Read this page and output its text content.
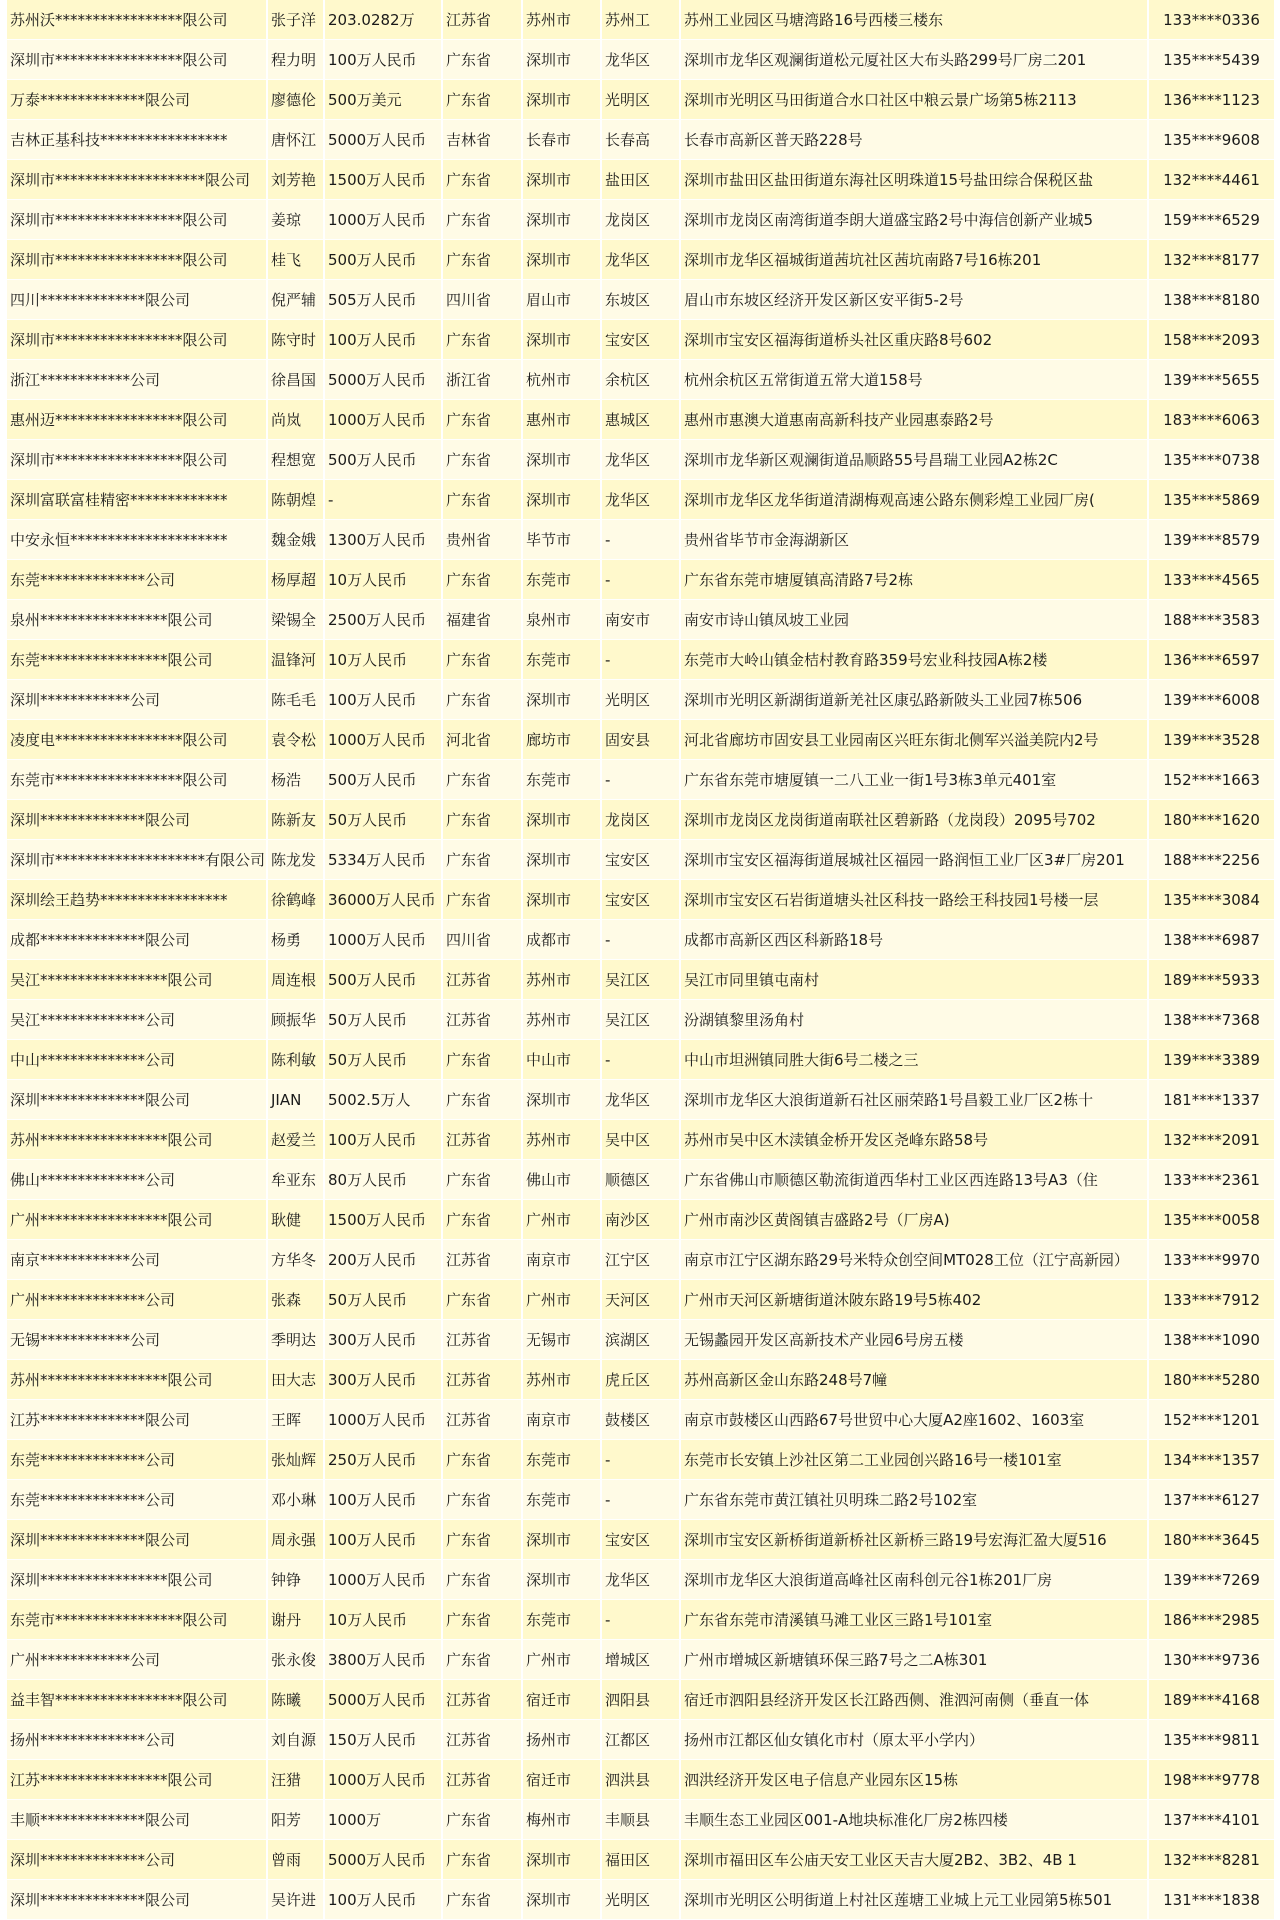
苏州沃*****************限公司	张子洋	203.0282万	江苏省	苏州市	苏州工	苏州工业园区马塘湾路16号西楼三楼东	133****0336
深圳市*****************限公司	程力明	100万人民币	广东省	深圳市	龙华区	深圳市龙华区观澜街道松元厦社区大布头路299号厂房二201	135****5439
万泰**************限公司	廖德伦	500万美元	广东省	深圳市	光明区	深圳市光明区马田街道合水口社区中粮云景广场第5栋2113	136****1123
吉林正基科技*****************	唐怀江	5000万人民币	吉林省	长春市	长春高	长春市高新区普天路228号	135****9608
深圳市********************限公司	刘芳艳	1500万人民币	广东省	深圳市	盐田区	深圳市盐田区盐田街道东海社区明珠道15号盐田综合保税区盐	132****4461
深圳市*****************限公司	姜琼	1000万人民币	广东省	深圳市	龙岗区	深圳市龙岗区南湾街道李朗大道盛宝路2号中海信创新产业城5	159****6529
深圳市*****************限公司	桂飞	500万人民币	广东省	深圳市	龙华区	深圳市龙华区福城街道茜坑社区茜坑南路7号16栋201	132****8177
四川**************限公司	倪严辅	505万人民币	四川省	眉山市	东坡区	眉山市东坡区经济开发区新区安平街5-2号	138****8180
深圳市*****************限公司	陈守时	100万人民币	广东省	深圳市	宝安区	深圳市宝安区福海街道桥头社区重庆路8号602	158****2093
浙江************公司	徐昌国	5000万人民币	浙江省	杭州市	余杭区	杭州余杭区五常街道五常大道158号	139****5655
惠州迈*****************限公司	尚岚	1000万人民币	广东省	惠州市	惠城区	惠州市惠澳大道惠南高新科技产业园惠泰路2号	183****6063
深圳市*****************限公司	程想宽	500万人民币	广东省	深圳市	龙华区	深圳市龙华新区观澜街道品顺路55号昌瑞工业园A2栋2C	135****0738
深圳富联富桂精密*************	陈朝煌	-	广东省	深圳市	龙华区	深圳市龙华区龙华街道清湖梅观高速公路东侧彩煌工业园厂房(	135****5869
中安永恒*********************	魏金娥	1300万人民币	贵州省	毕节市	-	贵州省毕节市金海湖新区	139****8579
东莞**************公司	杨厚超	10万人民币	广东省	东莞市	-	广东省东莞市塘厦镇高清路7号2栋	133****4565
泉州*****************限公司	梁锡全	2500万人民币	福建省	泉州市	南安市	南安市诗山镇凤坡工业园	188****3583
东莞*****************限公司	温锋河	10万人民币	广东省	东莞市	-	东莞市大岭山镇金桔村教育路359号宏业科技园A栋2楼	136****6597
深圳************公司	陈毛毛	100万人民币	广东省	深圳市	光明区	深圳市光明区新湖街道新羌社区康弘路新陂头工业园7栋506	139****6008
凌度电*****************限公司	袁令松	1000万人民币	河北省	廊坊市	固安县	河北省廊坊市固安县工业园南区兴旺东街北侧军兴溢美院内2号	139****3528
东莞市*****************限公司	杨浩	500万人民币	广东省	东莞市	-	广东省东莞市塘厦镇一二八工业一街1号3栋3单元401室	152****1663
深圳**************限公司	陈新友	50万人民币	广东省	深圳市	龙岗区	深圳市龙岗区龙岗街道南联社区碧新路（龙岗段）2095号702	180****1620
深圳市********************有限公司	陈龙发	5334万人民币	广东省	深圳市	宝安区	深圳市宝安区福海街道展城社区福园一路润恒工业厂区3#厂房201	188****2256
深圳绘王趋势*****************	徐鹤峰	36000万人民币	广东省	深圳市	宝安区	深圳市宝安区石岩街道塘头社区科技一路绘王科技园1号楼一层	135****3084
成都**************限公司	杨勇	1000万人民币	四川省	成都市	-	成都市高新区西区科新路18号	138****6987
吴江*****************限公司	周连根	500万人民币	江苏省	苏州市	吴江区	吴江市同里镇屯南村	189****5933
吴江**************公司	顾振华	50万人民币	江苏省	苏州市	吴江区	汾湖镇黎里汤角村	138****7368
中山**************公司	陈利敏	50万人民币	广东省	中山市	-	中山市坦洲镇同胜大街6号二楼之三	139****3389
深圳**************限公司	JIAN	5002.5万人	广东省	深圳市	龙华区	深圳市龙华区大浪街道新石社区丽荣路1号昌毅工业厂区2栋十	181****1337
苏州*****************限公司	赵爱兰	100万人民币	江苏省	苏州市	吴中区	苏州市吴中区木渎镇金桥开发区尧峰东路58号	132****2091
佛山**************公司	牟亚东	80万人民币	广东省	佛山市	顺德区	广东省佛山市顺德区勒流街道西华村工业区西连路13号A3（住	133****2361
广州*****************限公司	耿健	1500万人民币	广东省	广州市	南沙区	广州市南沙区黄阁镇吉盛路2号（厂房A)	135****0058
南京************公司	方华冬	200万人民币	江苏省	南京市	江宁区	南京市江宁区湖东路29号米特众创空间MT028工位（江宁高新园）	133****9970
广州**************公司	张森	50万人民币	广东省	广州市	天河区	广州市天河区新塘街道沐陂东路19号5栋402	133****7912
无锡************公司	季明达	300万人民币	江苏省	无锡市	滨湖区	无锡蠡园开发区高新技术产业园6号房五楼	138****1090
苏州*****************限公司	田大志	300万人民币	江苏省	苏州市	虎丘区	苏州高新区金山东路248号7幢	180****5280
江苏**************限公司	王晖	1000万人民币	江苏省	南京市	鼓楼区	南京市鼓楼区山西路67号世贸中心大厦A2座1602、1603室	152****1201
东莞**************公司	张灿辉	250万人民币	广东省	东莞市	-	东莞市长安镇上沙社区第二工业园创兴路16号一楼101室	134****1357
东莞**************公司	邓小琳	100万人民币	广东省	东莞市	-	广东省东莞市黄江镇社贝明珠二路2号102室	137****6127
深圳**************限公司	周永强	100万人民币	广东省	深圳市	宝安区	深圳市宝安区新桥街道新桥社区新桥三路19号宏海汇盈大厦516	180****3645
深圳*****************限公司	钟铮	1000万人民币	广东省	深圳市	龙华区	深圳市龙华区大浪街道高峰社区南科创元谷1栋201厂房	139****7269
东莞市*****************限公司	谢丹	10万人民币	广东省	东莞市	-	广东省东莞市清溪镇马滩工业区三路1号101室	186****2985
广州************公司	张永俊	3800万人民币	广东省	广州市	增城区	广州市增城区新塘镇环保三路7号之二A栋301	130****9736
益丰智*****************限公司	陈曦	5000万人民币	江苏省	宿迁市	泗阳县	宿迁市泗阳县经济开发区长江路西侧、淮泗河南侧（垂直一体	189****4168
扬州**************公司	刘自源	150万人民币	江苏省	扬州市	江都区	扬州市江都区仙女镇化市村（原太平小学内）	135****9811
江苏*****************限公司	汪猎	1000万人民币	江苏省	宿迁市	泗洪县	泗洪经济开发区电子信息产业园东区15栋	198****9778
丰顺**************限公司	阳芳	1000万	广东省	梅州市	丰顺县	丰顺生态工业园区001-A地块标准化厂房2栋四楼	137****4101
深圳**************公司	曾雨	5000万人民币	广东省	深圳市	福田区	深圳市福田区车公庙天安工业区天吉大厦2B2、3B2、4B 1	132****8281
深圳**************限公司	吴许进	100万人民币	广东省	深圳市	光明区	深圳市光明区公明街道上村社区莲塘工业城上元工业园第5栋501	131****1838
